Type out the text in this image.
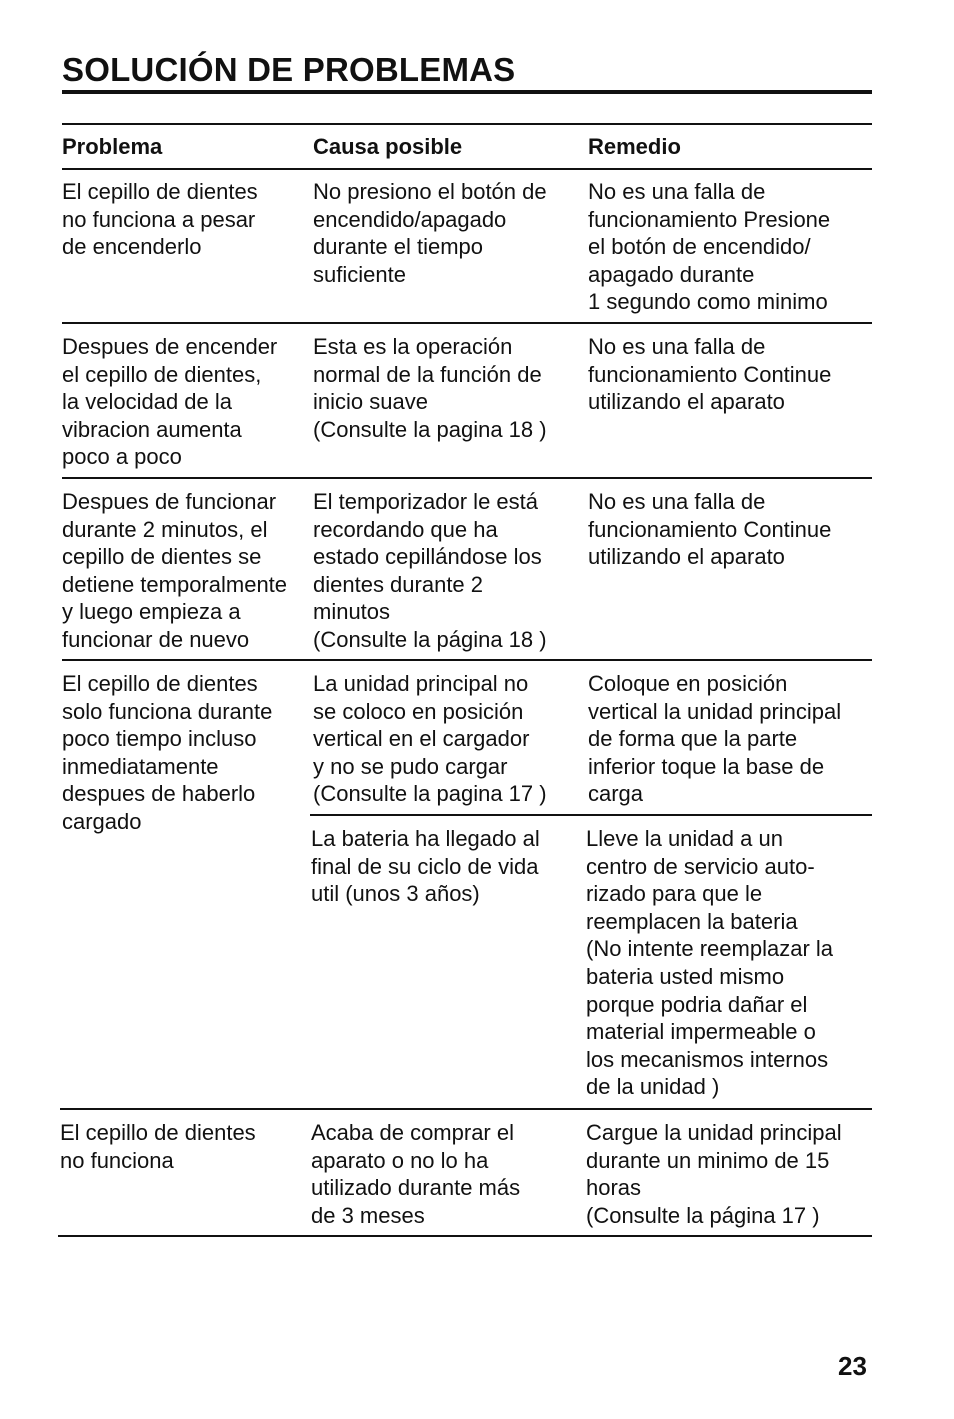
SOLUCIÓN DE PROBLEMAS
Problema	Causa posible	Remedio
El cepillo de dientes
no funciona a pesar
de encenderlo
No presiono el botón de
encendido/apagado
durante el tiempo
suficiente
No es una falla de
funcionamiento Presione
el botón de encendido/
apagado durante
1 segundo como minimo
Despues de encender
el cepillo de dientes,
la velocidad de la
vibracion aumenta
poco a poco
Esta es la operación
normal de la función de
inicio suave
(Consulte la pagina 18 )
No es una falla de
funcionamiento Continue
utilizando el aparato
Despues de funcionar
durante 2 minutos, el
cepillo de dientes se
detiene temporalmente
y luego empieza a
funcionar de nuevo
El temporizador le está
recordando que ha
estado cepillándose los
dientes durante 2
minutos
(Consulte la página 18 )
No es una falla de
funcionamiento Continue
utilizando el aparato
El cepillo de dientes
solo funciona durante
poco tiempo incluso
inmediatamente
despues de haberlo
cargado
La unidad principal no
se coloco en posición
vertical en el cargador
y no se pudo cargar
(Consulte la pagina 17 )
Coloque en posición
vertical la unidad principal
de forma que la parte
inferior toque la base de
carga
La bateria ha llegado al
final de su ciclo de vida
util (unos 3 años)
Lleve la unidad a un
centro de servicio auto-
rizado para que le
reemplacen la bateria
(No intente reemplazar la
bateria usted mismo
porque podria dañar el
material impermeable o
los mecanismos internos
de la unidad )
El cepillo de dientes
no funciona
Acaba de comprar el
aparato o no lo ha
utilizado durante más
de 3 meses
Cargue la unidad principal
durante un minimo de 15
horas
(Consulte la página 17 )
23
